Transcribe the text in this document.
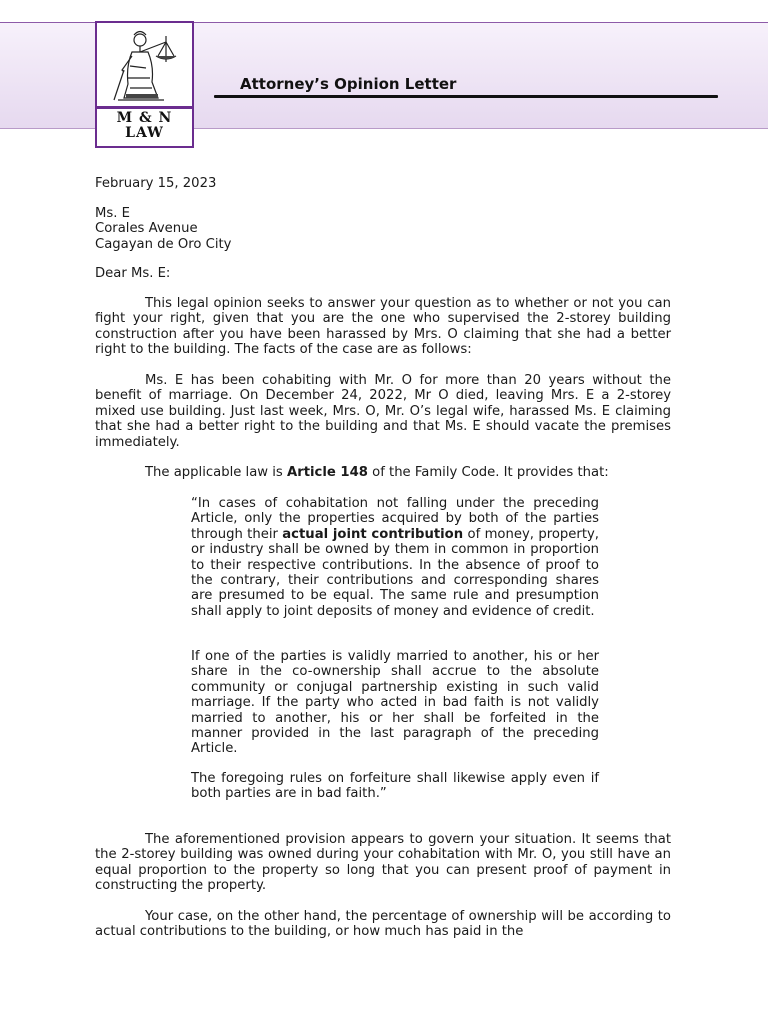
M & N
LAW
Attorney’s Opinion Letter
February 15, 2023

Ms. E

Corales Avenue

Cagayan de Oro City

Dear Ms. E:
This legal opinion seeks to answer your question as to whether or not you can fight your right, given that you are the one who supervised the 2-storey building construction after you have been harassed by Mrs. O claiming that she had a better right to the building. The facts of the case are as follows:
Ms. E has been cohabiting with Mr. O for more than 20 years without the benefit of marriage. On December 24, 2022, Mr O died, leaving Mrs. E a 2-storey mixed use building. Just last week, Mrs. O, Mr. O’s legal wife, harassed Ms. E claiming that she had a better right to the building and that Ms. E should vacate the premises immediately.
The applicable law is Article 148 of the Family Code. It provides that:
“In cases of cohabitation not falling under the preceding Article, only the properties acquired by both of the parties through their actual joint contribution of money, property, or industry shall be owned by them in common in proportion to their respective contributions. In the absence of proof to the contrary, their contributions and corresponding shares are presumed to be equal. The same rule and presumption shall apply to joint deposits of money and evidence of credit.
If one of the parties is validly married to another, his or her share in the co-ownership shall accrue to the absolute community or conjugal partnership existing in such valid marriage. If the party who acted in bad faith is not validly married to another, his or her shall be forfeited in the manner provided in the last paragraph of the preceding Article.
The foregoing rules on forfeiture shall likewise apply even if both parties are in bad faith.”
The aforementioned provision appears to govern your situation. It seems that the 2-storey building was owned during your cohabitation with Mr. O, you still have an equal proportion to the property so long that you can present proof of payment in constructing the property.
Your case, on the other hand, the percentage of ownership will be according to actual contributions to the building, or how much has paid in the
